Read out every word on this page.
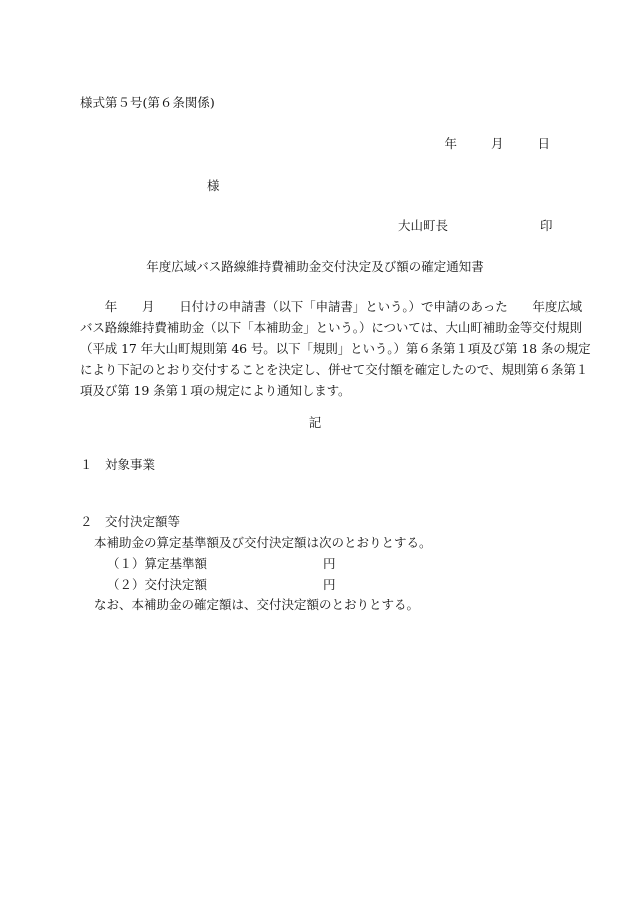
様式第５号(第６条関係)
年	月	日
様
大山町長	印
年度広域バス路線維持費補助金交付決定及び額の確定通知書
　　年　　月　　日付けの申請書（以下「申請書」という。）で申請のあった　　年度広域
バス路線維持費補助金（以下「本補助金」という。）については、大山町補助金等交付規則
（平成 17 年大山町規則第 46 号。以下「規則」という。）第６条第１項及び第 18 条の規定
により下記のとおり交付することを決定し、併せて交付額を確定したので、規則第６条第１
項及び第 19 条第１項の規定により通知します。
記
１　対象事業
２　交付決定額等
本補助金の算定基準額及び交付決定額は次のとおりとする。
（１）算定基準額	円
（２）交付決定額	円
なお、本補助金の確定額は、交付決定額のとおりとする。
